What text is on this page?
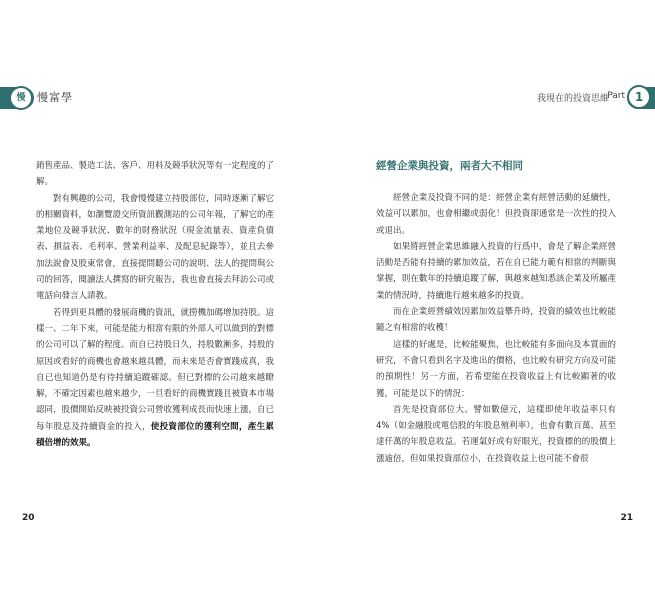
慢	慢富學

銷售產品、製造工法、客戶、用料及競爭狀況等有一定程度的了解。

對有興趣的公司，我會慢慢建立持股部位，同時逐漸了解它的相關資料，如瀏覽證交所資訊觀測站的公司年報，了解它的產業地位及競爭狀況、數年的財務狀況（現金流量表、資產負債表、損益表、毛利率、營業利益率、及配息紀錄等），並且去參加法說會及股東常會，直接提問聽公司的說明、法人的提問與公司的回答，閱讀法人撰寫的研究報告，我也會直接去拜訪公司或電話向發言人請教。

若得到更具體的發展商機的資訊，就撈機加碼增加持股。這樣一、二年下來，可能是能力相當有限的外部人可以做到的對標的公司可以了解的程度。而自已持股日久，持股數漸多，持股的原因或看好的商機也會越來越具體，而未來是否會實踐成真，我自已也知道仍是有待持續追蹤確認。但已對標的公司越來越瞭解，不確定因素也越來越少，一旦看好的商機實踐且被資本市場認同，股價開始反映被投資公司營收獲利成長而快速上漲，自已每年股息及持續資金的投入，使投資部位的獲利空間，產生累積倍增的效果。

20
我現在的投資思維
Part 1
經營企業與投資，兩者大不相同

經營企業及投資不同的是：經營企業有經營活動的延續性，效益可以累加，也會相繼或弱化！但投資卻通常是一次性的投入或退出。

如果將經營企業思維融入投資的行爲中，會是了解企業經營活動是否能有持續的累加效益，若在自已能力範有相當的判斷與掌握，則在數年的持續追蹤了解，與越來越知悉該企業及所屬產業的情況時，持續進行越來越多的投資。

而在企業經營績效因累加效益攀升時，投資的績效也比較能隨之有相當的收穫！

這樣的好處是，比較能聚焦，也比較能有多面向及本質面的研究，不會只看到名字及進出的價格，也比較有研究方向及可能的預期性！另一方面，若希望能在投資收益上有比較顯著的收獲，可能是以下的情況：

首先是投資部位大。譬如數億元，這樣即使年收益率只有4%（如金融股或電信股的年股息殖利率），也會有數百萬、甚至達仟萬的年股息收益。若運氣好或有好眼光，投資標的的股價上漲逾倍，但如果投資部位小，在投資收益上也可能不會很

21
